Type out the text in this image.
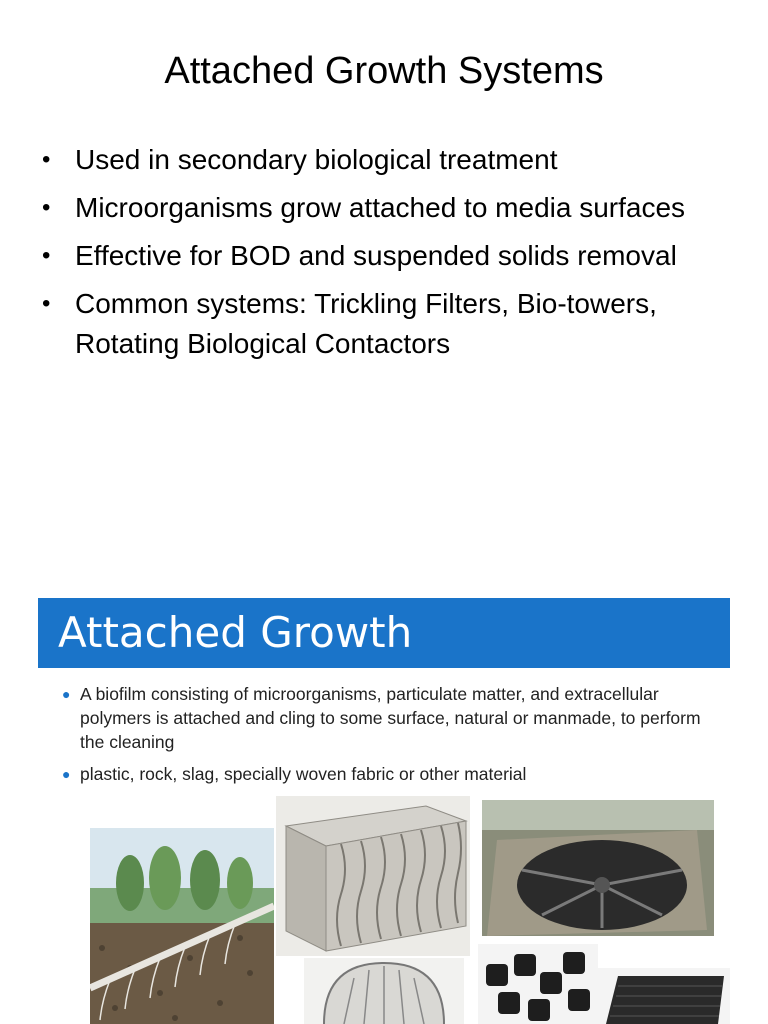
Attached Growth Systems
• Used in secondary biological treatment
• Microorganisms grow attached to media surfaces
• Effective for BOD and suspended solids removal
• Common systems: Trickling Filters, Bio-towers, Rotating Biological Contactors
Attached Growth
● A biofilm consisting of microorganisms, particulate matter, and extracellular polymers is attached and cling to some surface, natural or manmade, to perform the cleaning
● plastic, rock, slag, specially woven fabric or other material
